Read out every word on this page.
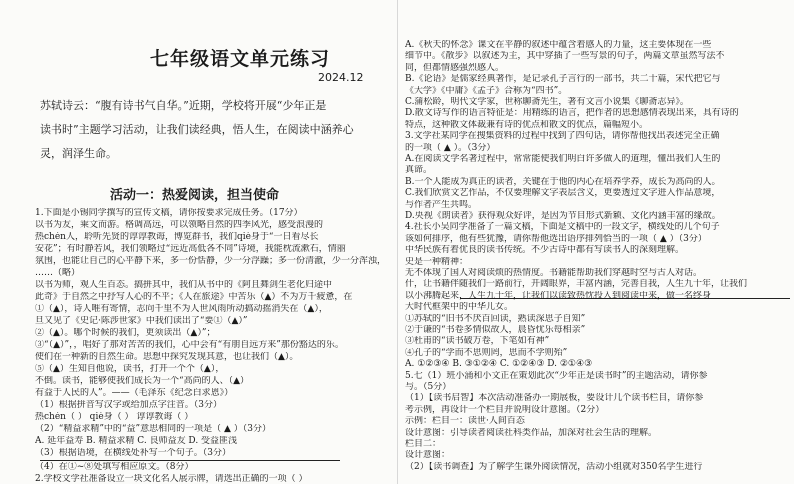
七年级语文单元练习
2024.12
苏轼诗云：“腹有诗书气自华。”近期，学校将开展“少年正是
读书时”主题学习活动，让我们读经典，悟人生，在阅读中涵养心
灵，润泽生命。
活动一：热爱阅读，担当使命
1.下面是小锡同学撰写的宣传文稿，请你按要求完成任务。（17分）
以书为友，乘文而游。格调高远，可以领略自然的四季风光，感受浪漫的
热chén人，聆听先贤的谆谆教诲，博览群书，我们qiè身于“一日看尽长
安花”；有时静若风，我们领略过“远近高低各不同”诗境，我能枕流漱石，情丽
氛围，也能让自己的心平静下来，多一份恬静，少一分浮躁；多一份清澈，少一分浑浊，
……（略）
以书为师，观人生百态。搞拼其中，我们从书中的《阿且舞剑生老化归途中
此奇》于自然之中抒写人心的不平；《人在旅途》中苦乐（▲）不为万千疲惫，在
①（▲），诗人唯有寄情，志向千里不为人世风雨所动搞动摇消失在（▲），
旦又见了《史记·陈涉世家》中我们读出了“要①（▲）”
②（▲）。哪个时候的我们，更须读出（▲）”；
③“（▲）”，，唱好了那对苦苦的我们，心中会有“有朋自远方来”那份豁达的乐。
使们在一种新的自然生命。思想中探究发现其意，也让我们（▲）。
⑤（▲）生知自他说，读书，打开一个个（▲），
不倒。读书，能够使我们成长为一个“高尚的人、（▲）
有益于人民的人”。——（毛泽东《纪念白求恩》）
（1）根据拼音写汉字或给加点字注音。（3分）
热chén（ ） qiè身（ ） 谆谆教诲（ ）
（2）“精益求精”中的“益”意思相同的一项是（ ▲ ）（3分）
A. 延年益寿 B. 精益求精 C. 良师益友 D. 受益匪浅
（3）根据语境，在横线处补写一个句子。（3分）
（4）在①~⑧处填写相应原文。（8分）
2.学校文学社准备设立一块文化名人展示牌，请选出正确的一项（ ）
A.《秋天的怀念》课文在平静的叙述中蕴含着感人的力量，这主要体现在一些
细节中。《散步》以叙述为主，其中穿插了一些写景的句子，两篇文章虽然写法不
同，但都情感强烈感人。
B.《论语》是儒家经典著作，是记录孔子言行的一部书，共二十篇，宋代把它与
《大学》《中庸》《孟子》合称为“四书”。
C.蒲松龄，明代文学家，世称聊斋先生，著有文言小说集《聊斋志异》。
D.散文诗写作的语言特征是：用精练的语言，把作者的思想感情表现出来，具有诗的
特点，这种散文体裁兼有诗的优点和散文的优点，篇幅短小。
3.文学社某同学在搜集资料的过程中找到了四句话，请你帮他找出表述完全正确
的一项（ ▲ ）。（3分）
A.在阅读文学名著过程中，常常能使我们明白许多做人的道理，懂出我们人生的
真谛。
B.一个人能成为真正的读者，关键在于他的内心在培养学养，成长为高尚的人。
C.我们欣赏文艺作品，不仅要理解文字表层含义，更要透过文字进入作品意境，
与作者产生共鸣。
D.央视《朗读者》获得观众好评，是因为节目形式新颖、文化内涵丰富的缘故。
4.社长小吴同学准备了一篇文稿，下面是文稿中的一段文字，横线处的几个句子
该如何排序，他有些犹豫，请你帮他选出语序排列恰当的一项（ ▲ ）（3分）
中华民族有着优良的读书传统。不少古诗中都有写读书人的深刻理解。
史是一种精神：
无不体现了国人对阅读烦的热情度。书籍能帮助我们穿越时空与古人对话。
什，让书籍伴随我们一路前行，开阔眼界，丰富内涵，完善自我，人生九十年，让我们
以小沸腾起来，人生九十年，让我们以读致热忱投入到阅读中来，做一名终身
大时代框架中的中华儿女。
①苏轼的“旧书不厌百回读，熟读深思子自知”
②于谦的“书卷多情似故人，晨昏忧乐每相亲”
③杜甫的“读书破万卷，下笔如有神”
④孔子的“学而不思则罔，思而不学则殆”
A. ①②③④ B. ③①②④ C. ①②④③ D. ②①④③
5.七（1）班小涌和小文正在策划此次“少年正是读书时”的主题活动，请你参
与。（5分）
（1）【读书启智】本次活动准备办一期展板，要设计几个读书栏目，请你参
考示例，再设计一个栏目并说明设计意图。（2分）
示例：栏目一：读世·人间百态
设计意图：引导读者阅读社科类作品，加深对社会生活的理解。
栏目二：
设计意图：
（2）【读书调查】为了解学生课外阅读情况，活动小组就对350名学生进行
